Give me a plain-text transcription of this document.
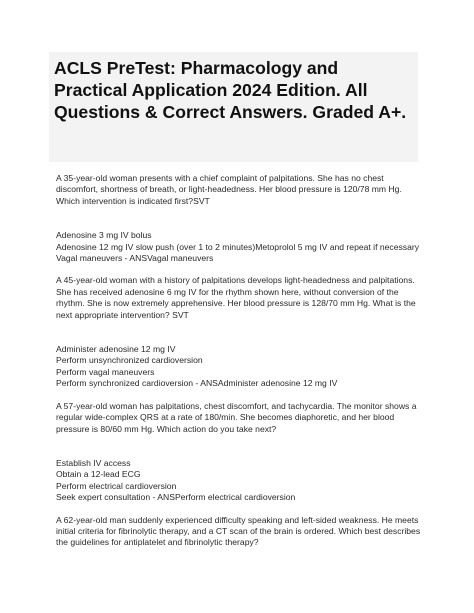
ACLS PreTest: Pharmacology and Practical Application 2024 Edition. All Questions & Correct Answers. Graded A+.

A 35-year-old woman presents with a chief complaint of palpitations. She has no chest discomfort, shortness of breath, or light-headedness. Her blood pressure is 120/78 mm Hg. Which intervention is indicated first?SVT

Adenosine 3 mg IV bolus
Adenosine 12 mg IV slow push (over 1 to 2 minutes)Metoprolol 5 mg IV and repeat if necessary
Vagal maneuvers - ANSVagal maneuvers

A 45-year-old woman with a history of palpitations develops light-headedness and palpitations. She has received adenosine 6 mg IV for the rhythm shown here, without conversion of the rhythm. She is now extremely apprehensive. Her blood pressure is 128/70 mm Hg. What is the next appropriate intervention? SVT

Administer adenosine 12 mg IV
Perform unsynchronized cardioversion
Perform vagal maneuvers
Perform synchronized cardioversion - ANSAdminister adenosine 12 mg IV

A 57-year-old woman has palpitations, chest discomfort, and tachycardia. The monitor shows a regular wide-complex QRS at a rate of 180/min. She becomes diaphoretic, and her blood pressure is 80/60 mm Hg. Which action do you take next?

Establish IV access
Obtain a 12-lead ECG
Perform electrical cardioversion
Seek expert consultation - ANSPerform electrical cardioversion

A 62-year-old man suddenly experienced difficulty speaking and left-sided weakness. He meets initial criteria for fibrinolytic therapy, and a CT scan of the brain is ordered. Which best describes the guidelines for antiplatelet and fibrinolytic therapy?
